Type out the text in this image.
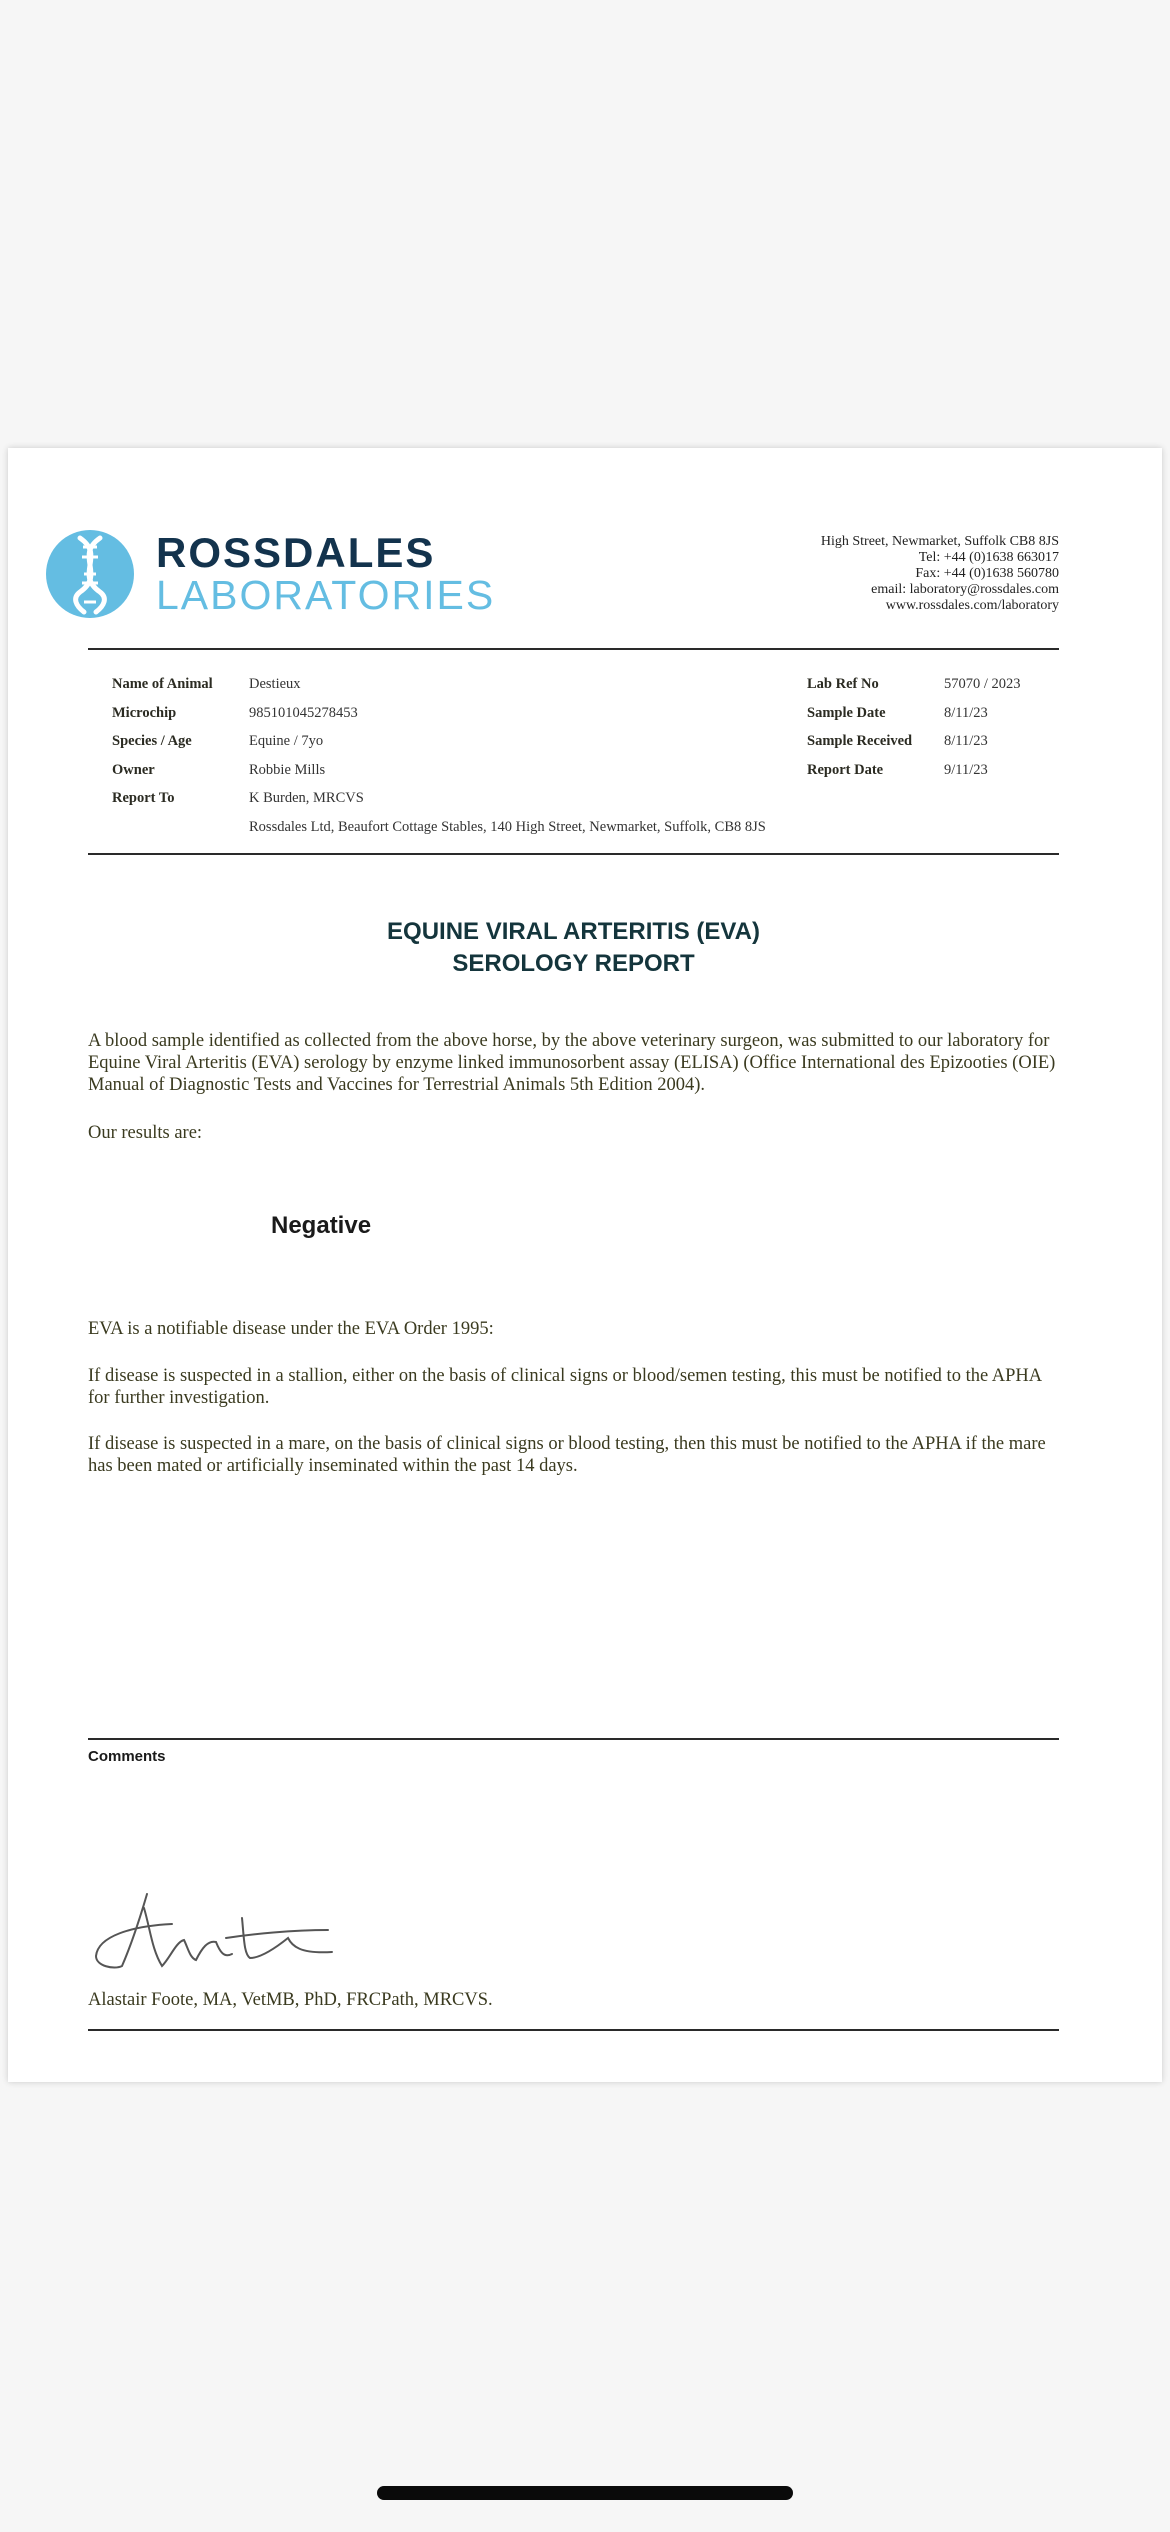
ROSSDALES
LABORATORIES
High Street, Newmarket, Suffolk CB8 8JS
Tel: +44 (0)1638 663017
Fax: +44 (0)1638 560780
email: laboratory@rossdales.com
www.rossdales.com/laboratory
Name of Animal	Destieux
Microchip	985101045278453
Species / Age	Equine / 7yo
Owner	Robbie Mills
Report To	K Burden, MRCVS
Rossdales Ltd, Beaufort Cottage Stables, 140 High Street, Newmarket, Suffolk, CB8 8JS
Lab Ref No	57070 / 2023
Sample Date	8/11/23
Sample Received 8/11/23
Report Date	9/11/23
EQUINE VIRAL ARTERITIS (EVA)
SEROLOGY REPORT
A blood sample identified as collected from the above horse, by the above veterinary surgeon, was submitted to our laboratory for Equine Viral Arteritis (EVA) serology by enzyme linked immunosorbent assay (ELISA) (Office International des Epizooties (OIE) Manual of Diagnostic Tests and Vaccines for Terrestrial Animals 5th Edition 2004).
Our results are:
Negative
EVA is a notifiable disease under the EVA Order 1995:
If disease is suspected in a stallion, either on the basis of clinical signs or blood/semen testing, this must be notified to the APHA for further investigation.
If disease is suspected in a mare, on the basis of clinical signs or blood testing, then this must be notified to the APHA if the mare has been mated or artificially inseminated within the past 14 days.
Comments
Alastair Foote, MA, VetMB, PhD, FRCPath, MRCVS.
